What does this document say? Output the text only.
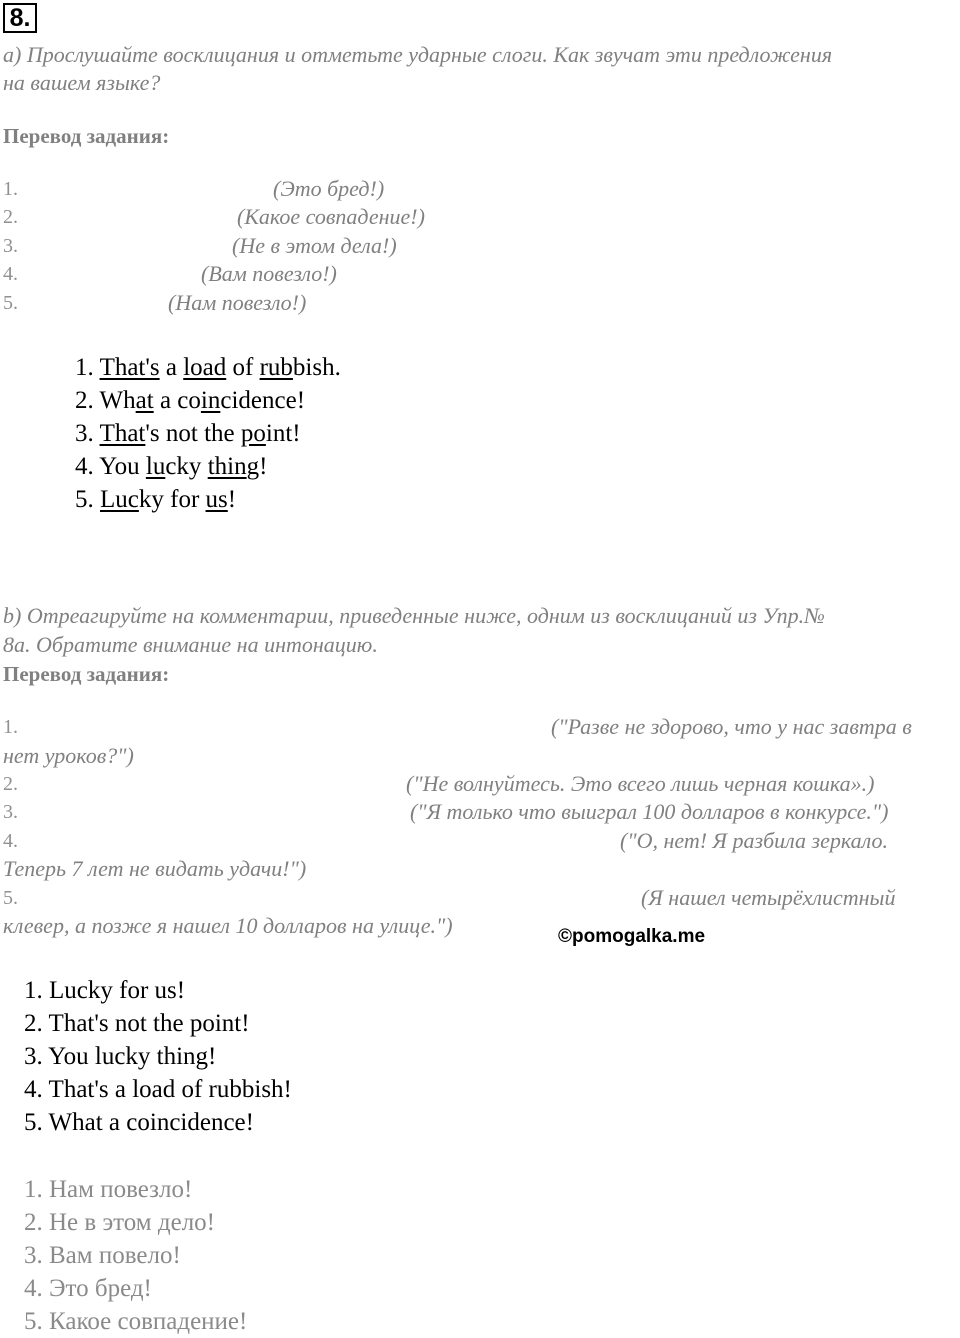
8.
a) Прослушайте восклицания и отметьте ударные слоги. Как звучат эти предложения
на вашем языке?
Перевод задания:
1.	(Это бред!)
2.	(Какое совпадение!)
3.	(Не в этом дела!)
4.	(Вам повезло!)
5.	(Нам повезло!)
1. That's a load of rubbish.
2. What a coincidence!
3. That's not the point!
4. You lucky thing!
5. Lucky for us!
b) Отреагируйте на комментарии, приведенные ниже, одним из восклицаний из Упр.№
8a. Обратите внимание на интонацию.
Перевод задания:
1.	("Разве не здорово, что у нас завтра в
нет уроков?")
2.	("Не волнуйтесь. Это всего лишь черная кошка».)
3.	("Я только что выиграл 100 долларов в конкурсе.")
4.	("О, нет! Я разбила зеркало.
Теперь 7 лет не видать удачи!")
5.	(Я нашел четырёхлистный
клевер, а позже я нашел 10 долларов на улице.")	©pomogalka.me
1. Lucky for us!
2. That's not the point!
3. You lucky thing!
4. That's a load of rubbish!
5. What a coincidence!
1. Нам повезло!
2. Не в этом дело!
3. Вам повело!
4. Это бред!
5. Какое совпадение!
